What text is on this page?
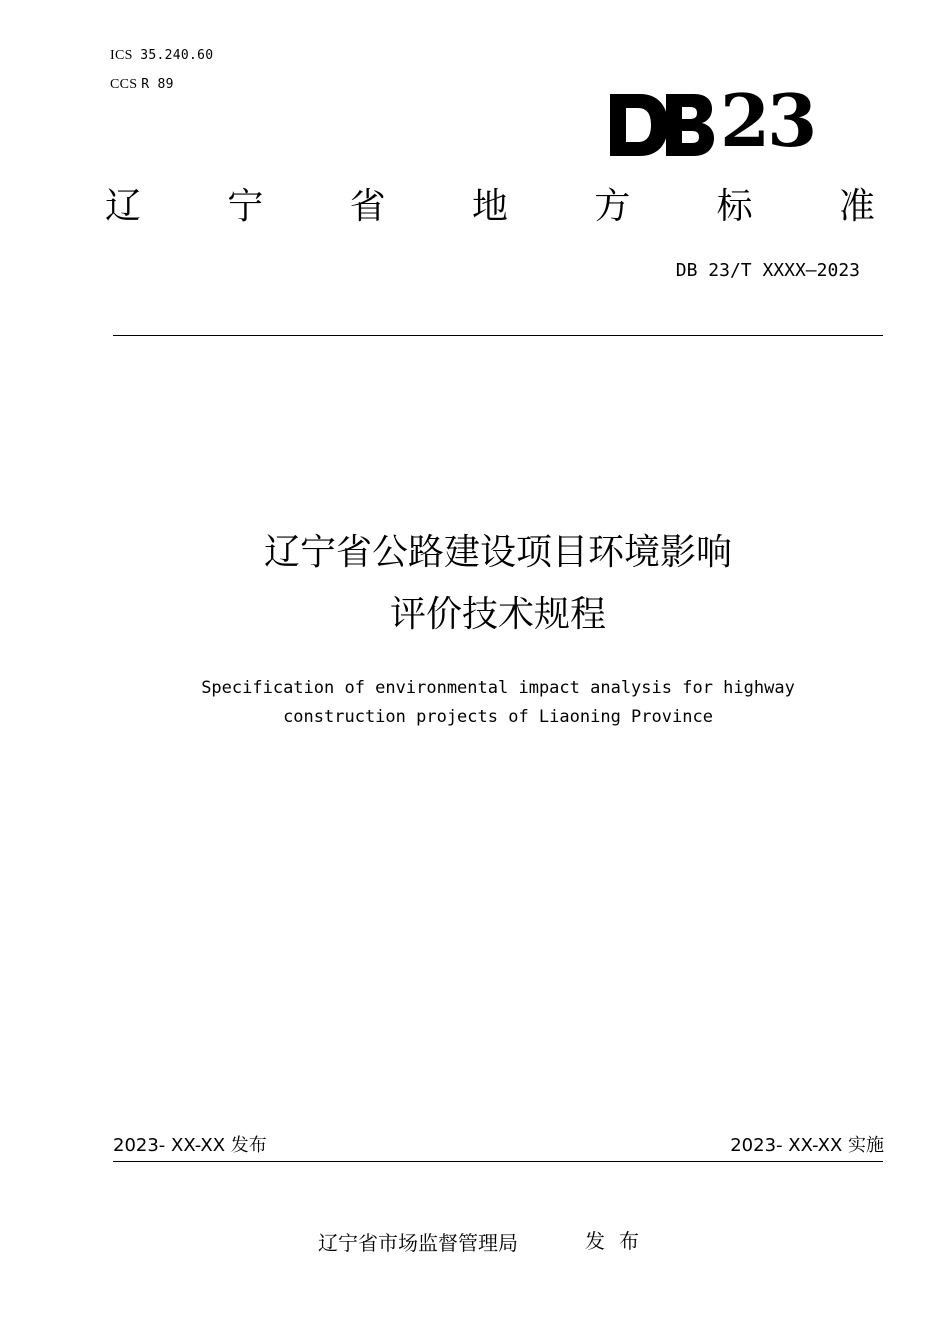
ICS 35.240.60
CCS R 89	23
辽 宁 省 地 方 标 准
DB 23/T XXXX—2023
辽宁省公路建设项目环境影响
评价技术规程
Specification of environmental impact analysis for highway
construction projects of Liaoning Province
2023- XX-XX 发布	2023- XX-XX 实施
辽宁省市场监督管理局	发布
